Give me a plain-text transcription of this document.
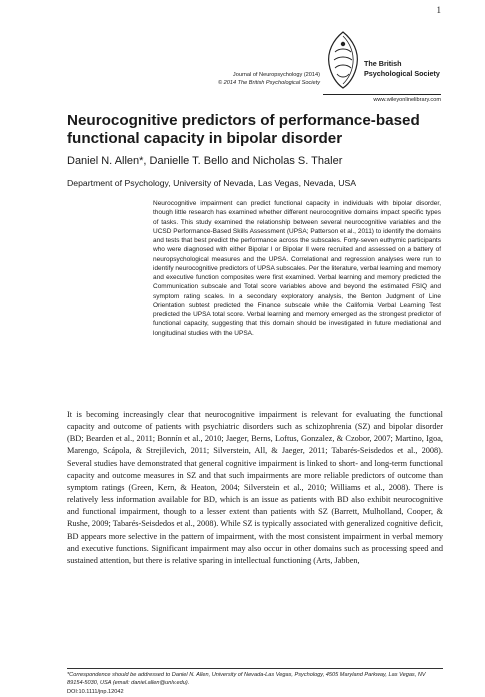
1
Journal of Neuropsychology (2014)
© 2014 The British Psychological Society
The British
Psychological Society
www.wileyonlinelibrary.com
Neurocognitive predictors of performance-based functional capacity in bipolar disorder
Daniel N. Allen*, Danielle T. Bello and Nicholas S. Thaler
Department of Psychology, University of Nevada, Las Vegas, Nevada, USA

Neurocognitive impairment can predict functional capacity in individuals with bipolar disorder, though little research has examined whether different neurocognitive domains impact specific types of tasks. This study examined the relationship between several neurocognitive variables and the UCSD Performance-Based Skills Assessment (UPSA; Patterson et al., 2011) to identify the domains and tests that best predict the performance across the subscales. Forty-seven euthymic participants who were diagnosed with either Bipolar I or Bipolar II were recruited and assessed on a battery of neuropsychological measures and the UPSA. Correlational and regression analyses were run to identify neurocognitive predictors of UPSA subscales. Per the literature, verbal learning and memory and executive function composites were first examined. Verbal learning and memory predicted the Communication subscale and Total score variables above and beyond the estimated FSIQ and symptom rating scales. In a secondary exploratory analysis, the Benton Judgment of Line Orientation subtest predicted the Finance subscale while the California Verbal Learning Test predicted the UPSA total score. Verbal learning and memory emerged as the strongest predictor of functional capacity, suggesting that this domain should be investigated in future mediational and longitudinal studies with the UPSA.

It is becoming increasingly clear that neurocognitive impairment is relevant for evaluating the functional capacity and outcome of patients with psychiatric disorders such as schizophrenia (SZ) and bipolar disorder (BD; Bearden et al., 2011; Bonnín et al., 2010; Jaeger, Berns, Loftus, Gonzalez, & Czobor, 2007; Martino, Igoa, Marengo, Scápola, & Strejilevich, 2011; Silverstein, All, & Jaeger, 2011; Tabarés-Seisdedos et al., 2008). Several studies have demonstrated that general cognitive impairment is linked to short- and long-term functional capacity and outcome measures in SZ and that such impairments are more reliable predictors of outcome than symptom ratings (Green, Kern, & Heaton, 2004; Silverstein et al., 2010; Williams et al., 2008). There is relatively less information available for BD, which is an issue as patients with BD also exhibit neurocognitive and functional impairment, though to a lesser extent than patients with SZ (Barrett, Mulholland, Cooper, & Rushe, 2009; Tabarés-Seisdedos et al., 2008). While SZ is typically associated with generalized cognitive deficit, BD appears more selective in the pattern of impairment, with the most consistent impairment in verbal memory and executive functions. Significant impairment may also occur in other domains such as processing speed and sustained attention, but there is relative sparing in intellectual functioning (Arts, Jabben,

*Correspondence should be addressed to Daniel N. Allen, University of Nevada-Las Vegas, Psychology, 4505 Maryland Parkway, Las Vegas, NV 89154-5030, USA (email: daniel.allen@unlv.edu).

DOI:10.1111/jnp.12042
